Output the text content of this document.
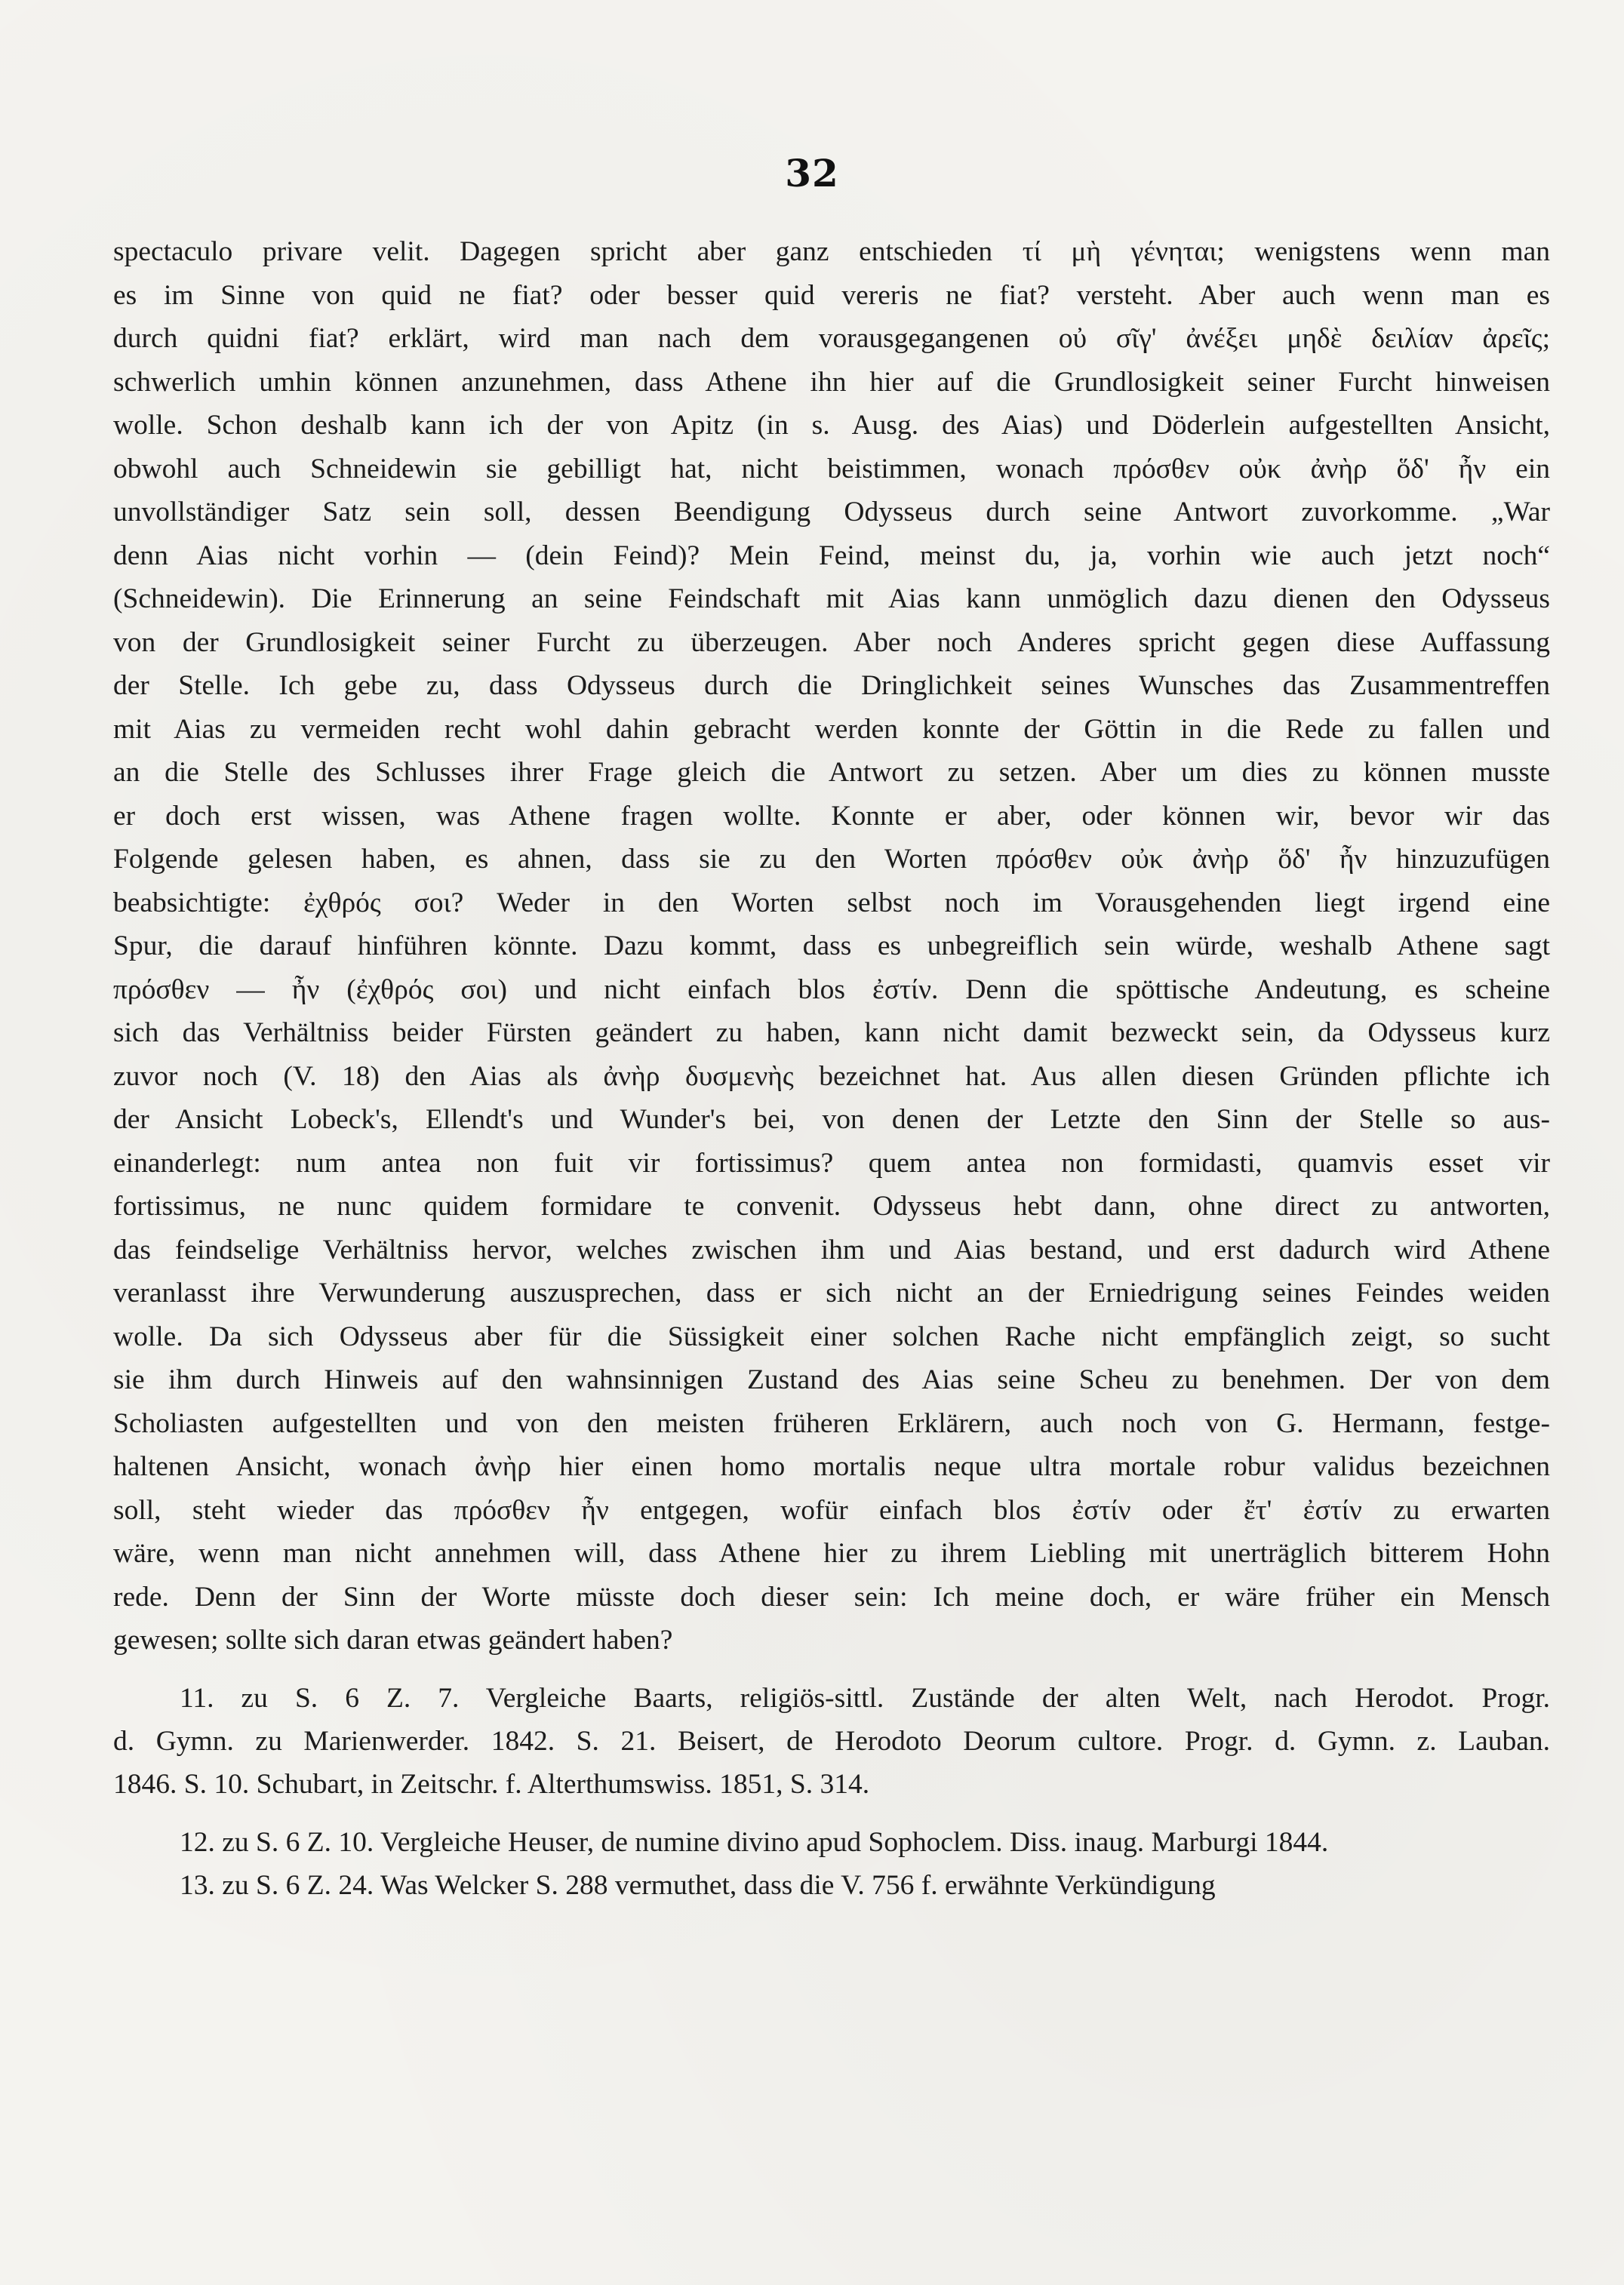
32
spectaculo privare velit. Dagegen spricht aber ganz entschieden τί μὴ γένηται; wenigstens wenn man
es im Sinne von quid ne fiat? oder besser quid vereris ne fiat? versteht. Aber auch wenn man es
durch quidni fiat? erklärt, wird man nach dem vorausgegangenen οὐ σῖγ' ἀνέξει μηδὲ δειλίαν ἀρεῖς;
schwerlich umhin können anzunehmen, dass Athene ihn hier auf die Grundlosigkeit seiner Furcht hinweisen
wolle. Schon deshalb kann ich der von Apitz (in s. Ausg. des Aias) und Döderlein aufgestellten Ansicht,
obwohl auch Schneidewin sie gebilligt hat, nicht beistimmen, wonach πρόσθεν οὐκ ἀνὴρ ὅδ' ἦν ein
unvollständiger Satz sein soll, dessen Beendigung Odysseus durch seine Antwort zuvorkomme. „War
denn Aias nicht vorhin — (dein Feind)? Mein Feind, meinst du, ja, vorhin wie auch jetzt noch“
(Schneidewin). Die Erinnerung an seine Feindschaft mit Aias kann unmöglich dazu dienen den Odysseus
von der Grundlosigkeit seiner Furcht zu überzeugen. Aber noch Anderes spricht gegen diese Auffassung
der Stelle. Ich gebe zu, dass Odysseus durch die Dringlichkeit seines Wunsches das Zusammentreffen
mit Aias zu vermeiden recht wohl dahin gebracht werden konnte der Göttin in die Rede zu fallen und
an die Stelle des Schlusses ihrer Frage gleich die Antwort zu setzen. Aber um dies zu können musste
er doch erst wissen, was Athene fragen wollte. Konnte er aber, oder können wir, bevor wir das
Folgende gelesen haben, es ahnen, dass sie zu den Worten πρόσθεν οὐκ ἀνὴρ ὅδ' ἦν hinzuzufügen
beabsichtigte: ἐχθρός σοι? Weder in den Worten selbst noch im Vorausgehenden liegt irgend eine
Spur, die darauf hinführen könnte. Dazu kommt, dass es unbegreiflich sein würde, weshalb Athene sagt
πρόσθεν — ἦν (ἐχθρός σοι) und nicht einfach blos ἐστίν. Denn die spöttische Andeutung, es scheine
sich das Verhältniss beider Fürsten geändert zu haben, kann nicht damit bezweckt sein, da Odysseus kurz
zuvor noch (V. 18) den Aias als ἀνὴρ δυσμενὴς bezeichnet hat. Aus allen diesen Gründen pflichte ich
der Ansicht Lobeck's, Ellendt's und Wunder's bei, von denen der Letzte den Sinn der Stelle so aus-
einanderlegt: num antea non fuit vir fortissimus? quem antea non formidasti, quamvis esset vir
fortissimus, ne nunc quidem formidare te convenit. Odysseus hebt dann, ohne direct zu antworten,
das feindselige Verhältniss hervor, welches zwischen ihm und Aias bestand, und erst dadurch wird Athene
veranlasst ihre Verwunderung auszusprechen, dass er sich nicht an der Erniedrigung seines Feindes weiden
wolle. Da sich Odysseus aber für die Süssigkeit einer solchen Rache nicht empfänglich zeigt, so sucht
sie ihm durch Hinweis auf den wahnsinnigen Zustand des Aias seine Scheu zu benehmen. Der von dem
Scholiasten aufgestellten und von den meisten früheren Erklärern, auch noch von G. Hermann, festge-
haltenen Ansicht, wonach ἀνὴρ hier einen homo mortalis neque ultra mortale robur validus bezeichnen
soll, steht wieder das πρόσθεν ἦν entgegen, wofür einfach blos ἐστίν oder ἔτ' ἐστίν zu erwarten
wäre, wenn man nicht annehmen will, dass Athene hier zu ihrem Liebling mit unerträglich bitterem Hohn
rede. Denn der Sinn der Worte müsste doch dieser sein: Ich meine doch, er wäre früher ein Mensch
gewesen; sollte sich daran etwas geändert haben?
11. zu S. 6 Z. 7. Vergleiche Baarts, religiös-sittl. Zustände der alten Welt, nach Herodot. Progr.
d. Gymn. zu Marienwerder. 1842. S. 21. Beisert, de Herodoto Deorum cultore. Progr. d. Gymn. z. Lauban.
1846. S. 10. Schubart, in Zeitschr. f. Alterthumswiss. 1851, S. 314.
12. zu S. 6 Z. 10. Vergleiche Heuser, de numine divino apud Sophoclem. Diss. inaug. Marburgi 1844.
13. zu S. 6 Z. 24. Was Welcker S. 288 vermuthet, dass die V. 756 f. erwähnte Verkündigung
